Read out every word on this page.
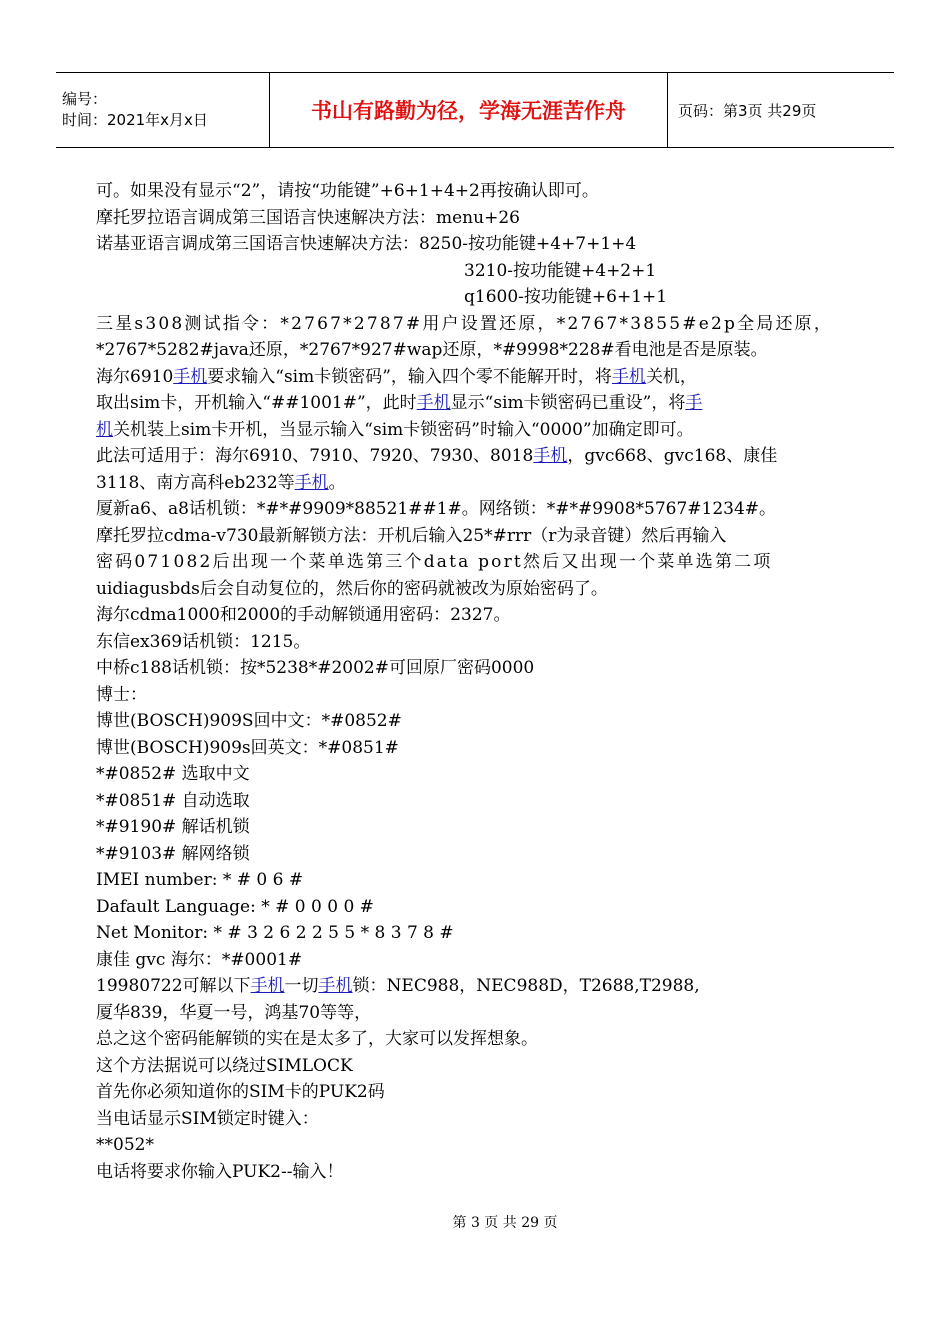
编号：
时间：2021年x月x日	书山有路勤为径，学海无涯苦作舟	页码：第3页 共29页
可。如果没有显示“2”，请按“功能键”+6+1+4+2再按确认即可。
摩托罗拉语言调成第三国语言快速解决方法：menu+26
诺基亚语言调成第三国语言快速解决方法：8250-按功能键+4+7+1+4
3210-按功能键+4+2+1
q1600-按功能键+6+1+1
三星s308测试指令：*2767*2787#用户设置还原，*2767*3855#e2p全局还原，
*2767*5282#java还原，*2767*927#wap还原，*#9998*228#看电池是否是原装。
海尔6910手机要求输入“sim卡锁密码”，输入四个零不能解开时，将手机关机，
取出sim卡，开机输入“##1001#”，此时手机显示“sim卡锁密码已重设”，将手
机关机装上sim卡开机，当显示输入“sim卡锁密码”时输入“0000”加确定即可。
此法可适用于：海尔6910、7910、7920、7930、8018手机，gvc668、gvc168、康佳
3118、南方高科eb232等手机。
厦新a6、a8话机锁：*#*#9909*88521##1#。网络锁：*#*#9908*5767#1234#。
摩托罗拉cdma-v730最新解锁方法：开机后输入25*#rrr（r为录音键）然后再输入
密码071082后出现一个菜单选第三个data port然后又出现一个菜单选第二项
uidiagusbds后会自动复位的，然后你的密码就被改为原始密码了。
海尔cdma1000和2000的手动解锁通用密码：2327。
东信ex369话机锁：1215。
中桥c188话机锁：按*5238*#2002#可回原厂密码0000
博士：
博世(BOSCH)909S回中文：*#0852#
博世(BOSCH)909s回英文：*#0851#
*#0852# 选取中文
*#0851# 自动选取
*#9190# 解话机锁
*#9103# 解网络锁
IMEI number: * # 0 6 #
Dafault Language: * # 0 0 0 0 #
Net Monitor: * # 3 2 6 2 2 5 5 * 8 3 7 8 #
康佳 gvc 海尔：*#0001#
19980722可解以下手机一切手机锁：NEC988，NEC988D，T2688,T2988,
厦华839，华夏一号，鸿基70等等，
总之这个密码能解锁的实在是太多了，大家可以发挥想象。
这个方法据说可以绕过SIMLOCK
首先你必须知道你的SIM卡的PUK2码
当电话显示SIM锁定时键入：
**052*
电话将要求你输入PUK2--输入！
第 3 页 共 29 页
